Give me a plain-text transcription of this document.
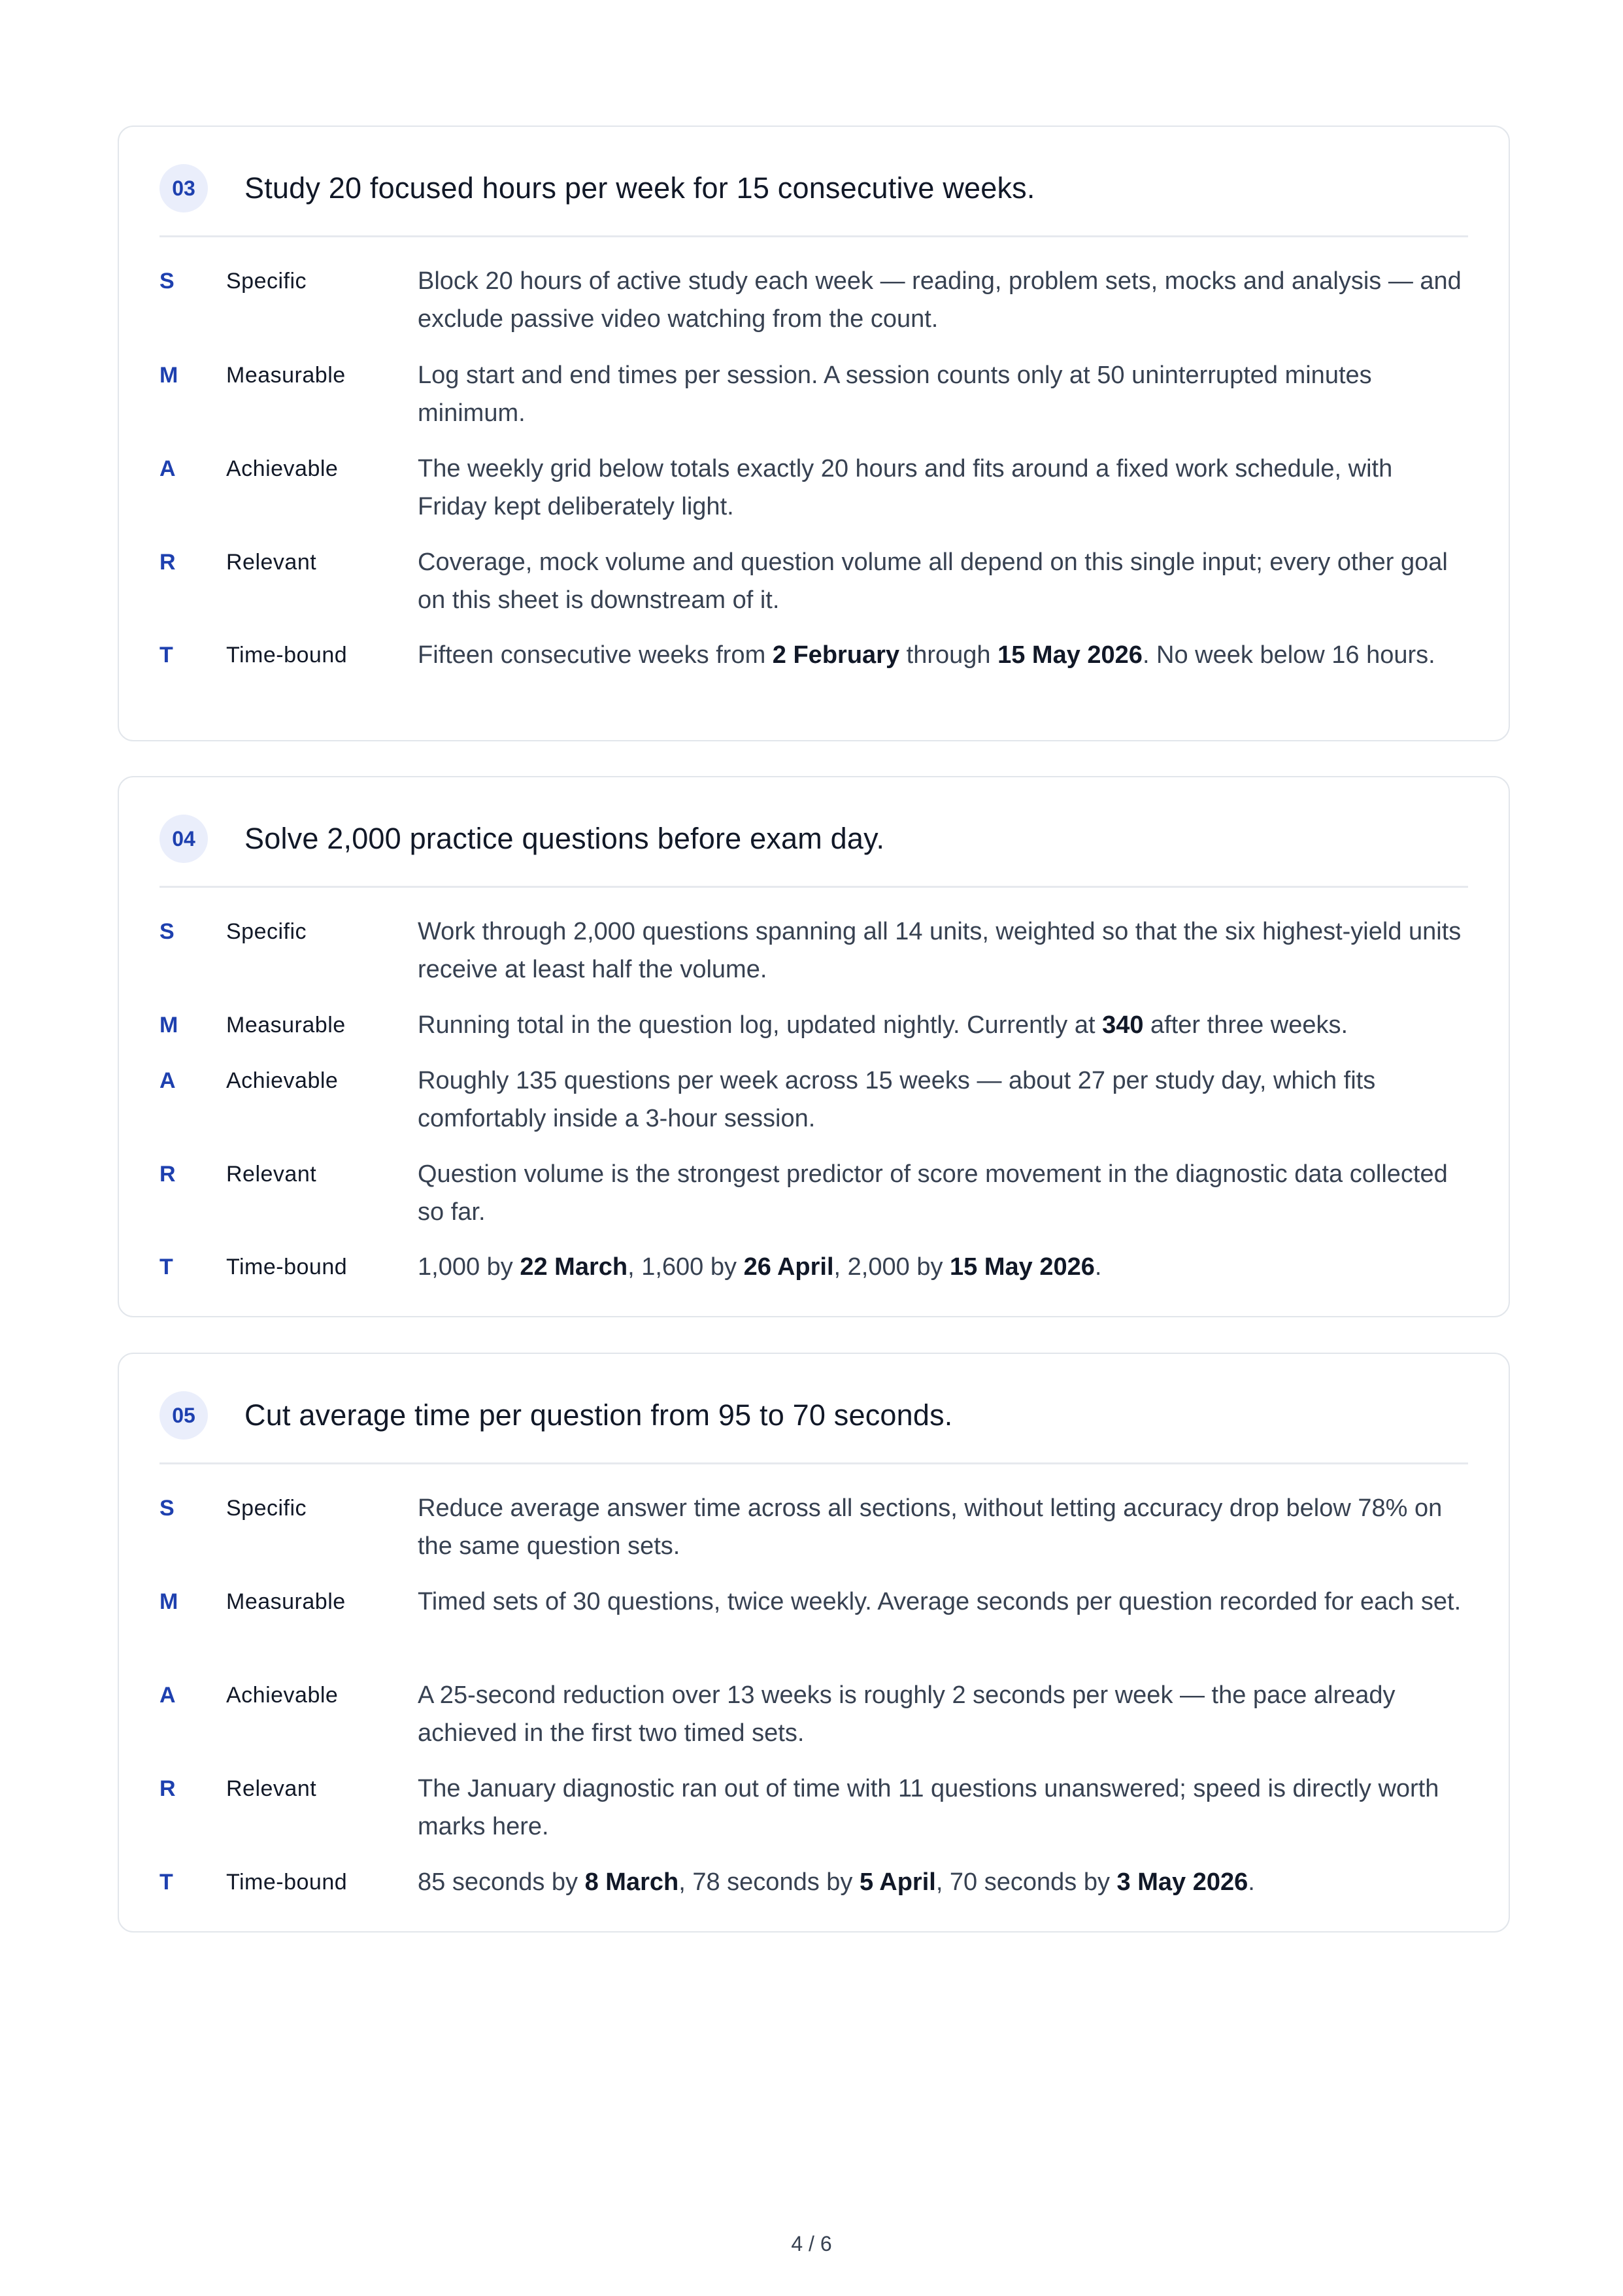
03	Study 20 focused hours per week for 15 consecutive weeks.
S Specific	Block 20 hours of active study each week — reading, problem sets, mocks and analysis — and exclude passive video watching from the count.
M Measurable	Log start and end times per session. A session counts only at 50 uninterrupted minutes minimum.
A Achievable	The weekly grid below totals exactly 20 hours and fits around a fixed work schedule, with Friday kept deliberately light.
R Relevant	Coverage, mock volume and question volume all depend on this single input; every other goal on this sheet is downstream of it.
T Time-bound	Fifteen consecutive weeks from 2 February through 15 May 2026. No week below 16 hours.
04	Solve 2,000 practice questions before exam day.
S Specific	Work through 2,000 questions spanning all 14 units, weighted so that the six highest-yield units receive at least half the volume.
M Measurable	Running total in the question log, updated nightly. Currently at 340 after three weeks.
A Achievable	Roughly 135 questions per week across 15 weeks — about 27 per study day, which fits comfortably inside a 3-hour session.
R Relevant	Question volume is the strongest predictor of score movement in the diagnostic data collected so far.
T Time-bound	1,000 by 22 March, 1,600 by 26 April, 2,000 by 15 May 2026.
05	Cut average time per question from 95 to 70 seconds.
S Specific	Reduce average answer time across all sections, without letting accuracy drop below 78% on the same question sets.
M Measurable	Timed sets of 30 questions, twice weekly. Average seconds per question recorded for each set.
A Achievable	A 25-second reduction over 13 weeks is roughly 2 seconds per week — the pace already achieved in the first two timed sets.
R Relevant	The January diagnostic ran out of time with 11 questions unanswered; speed is directly worth marks here.
T Time-bound	85 seconds by 8 March, 78 seconds by 5 April, 70 seconds by 3 May 2026.
4 / 6
